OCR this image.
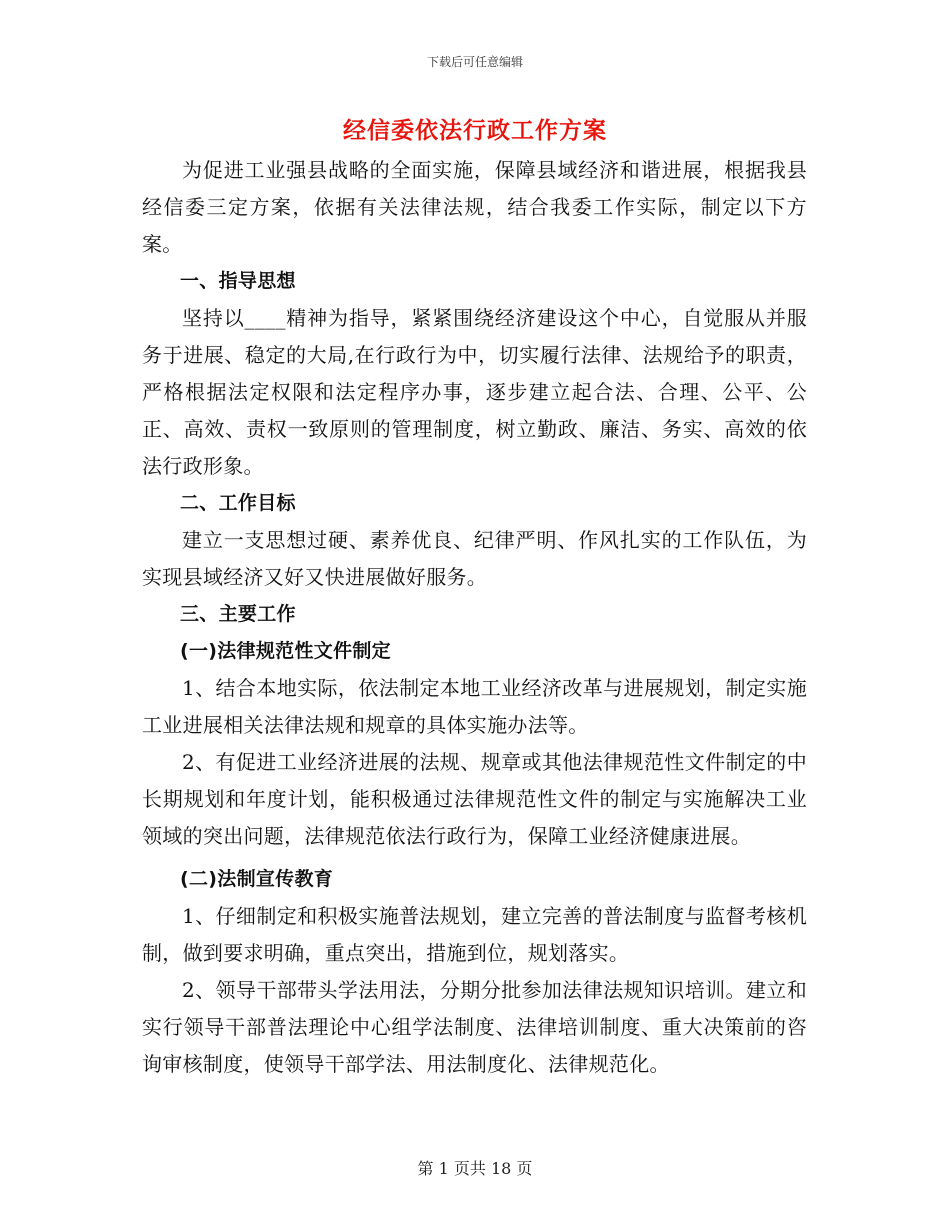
下载后可任意编辑
经信委依法行政工作方案

为促进工业强县战略的全面实施，保障县域经济和谐进展，根据我县经信委三定方案，依据有关法律法规，结合我委工作实际，制定以下方案。

一、指导思想

坚持以____精神为指导，紧紧围绕经济建设这个中心，自觉服从并服务于进展、稳定的大局,在行政行为中，切实履行法律、法规给予的职责，严格根据法定权限和法定程序办事，逐步建立起合法、合理、公平、公正、高效、责权一致原则的管理制度，树立勤政、廉洁、务实、高效的依法行政形象。

二、工作目标

建立一支思想过硬、素养优良、纪律严明、作风扎实的工作队伍，为实现县域经济又好又快进展做好服务。

三、主要工作

(一)法律规范性文件制定

1、结合本地实际，依法制定本地工业经济改革与进展规划，制定实施工业进展相关法律法规和规章的具体实施办法等。

2、有促进工业经济进展的法规、规章或其他法律规范性文件制定的中长期规划和年度计划，能积极通过法律规范性文件的制定与实施解决工业领域的突出问题，法律规范依法行政行为，保障工业经济健康进展。

(二)法制宣传教育

1、仔细制定和积极实施普法规划，建立完善的普法制度与监督考核机制，做到要求明确，重点突出，措施到位，规划落实。

2、领导干部带头学法用法，分期分批参加法律法规知识培训。建立和实行领导干部普法理论中心组学法制度、法律培训制度、重大决策前的咨询审核制度，使领导干部学法、用法制度化、法律规范化。

第 1 页共 18 页
